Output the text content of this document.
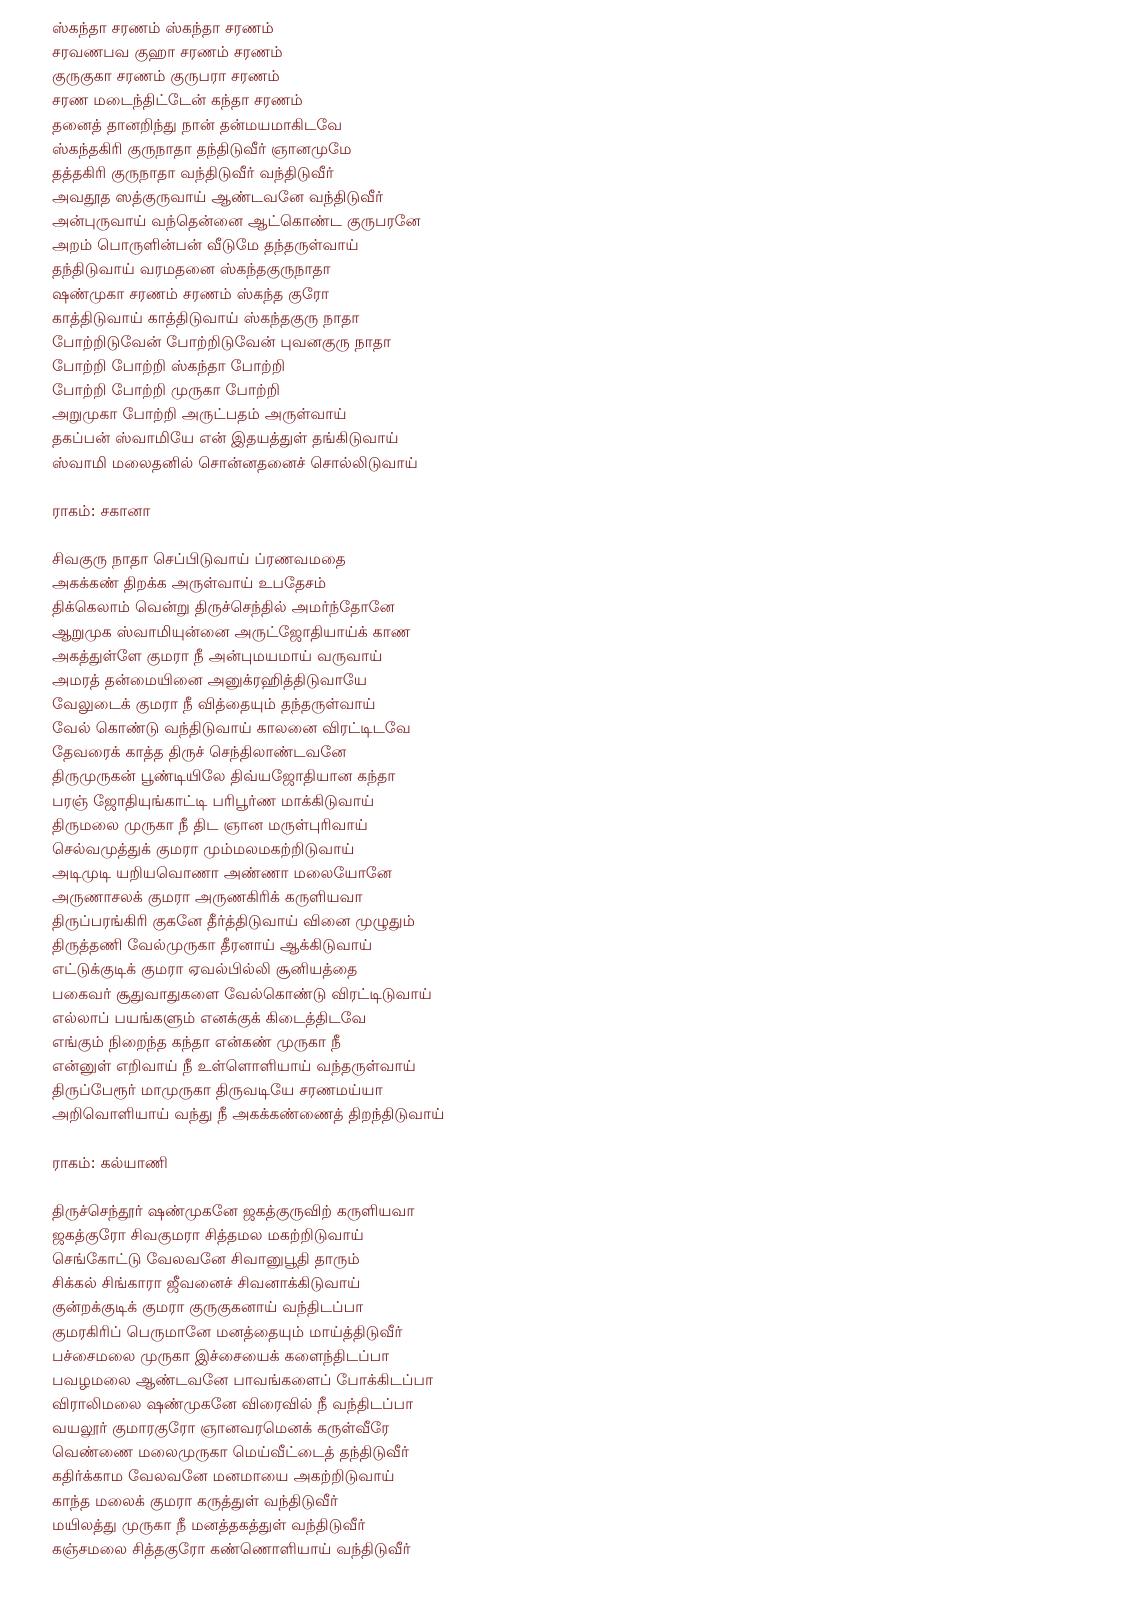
ஸ்கந்தா சரணம் ஸ்கந்தா சரணம்
சரவணபவ குஹா சரணம் சரணம்
குருகுகா சரணம் குருபரா சரணம்
சரண மடைந்திட்டேன் கந்தா சரணம்
தனைத் தானறிந்து நான் தன்மயமாகிடவே
ஸ்கந்தகிரி குருநாதா தந்திடுவீர் ஞானமுமே
தத்தகிரி குருநாதா வந்திடுவீர் வந்திடுவீர்
அவதூத ஸத்குருவாய் ஆண்டவனே வந்திடுவீர்
அன்புருவாய் வந்தென்னை ஆட்கொண்ட குருபரனே
அறம் பொருளின்பன் வீடுமே தந்தருள்வாய்
தந்திடுவாய் வரமதனை ஸ்கந்தகுருநாதா
ஷண்முகா சரணம் சரணம் ஸ்கந்த குரோ
காத்திடுவாய் காத்திடுவாய் ஸ்கந்தகுரு நாதா
போற்றிடுவேன் போற்றிடுவேன் புவனகுரு நாதா
போற்றி போற்றி ஸ்கந்தா போற்றி
போற்றி போற்றி முருகா போற்றி
அறுமுகா போற்றி அருட்பதம் அருள்வாய்
தகப்பன் ஸ்வாமியே என் இதயத்துள் தங்கிடுவாய்
ஸ்வாமி மலைதனில் சொன்னதனைச் சொல்லிடுவாய்
ராகம்: சகானா
சிவகுரு நாதா செப்பிடுவாய் ப்ரணவமதை
அகக்கண் திறக்க அருள்வாய் உபதேசம்
திக்கெலாம் வென்று திருச்செந்தில் அமர்ந்தோனே
ஆறுமுக ஸ்வாமியுன்னை அருட்ஜோதியாய்க் காண
அகத்துள்ளே குமரா நீ அன்புமயமாய் வருவாய்
அமரத் தன்மையினை அனுக்ரஹித்திடுவாயே
வேலுடைக் குமரா நீ வித்தையும் தந்தருள்வாய்
வேல் கொண்டு வந்திடுவாய் காலனை விரட்டிடவே
தேவரைக் காத்த திருச் செந்திலாண்டவனே
திருமுருகன் பூண்டியிலே திவ்யஜோதியான கந்தா
பரஞ் ஜோதியுங்காட்டி பரிபூர்ண மாக்கிடுவாய்
திருமலை முருகா நீ திட ஞான மருள்புரிவாய்
செல்வமுத்துக் குமரா மும்மலமகற்றிடுவாய்
அடிமுடி யறியவொணா அண்ணா மலையோனே
அருணாசலக் குமரா அருணகிரிக் கருளியவா
திருப்பரங்கிரி குகனே தீர்த்திடுவாய் வினை முழுதும்
திருத்தணி வேல்முருகா தீரனாய் ஆக்கிடுவாய்
எட்டுக்குடிக் குமரா ஏவல்பில்லி சூனியத்தை
பகைவர் சூதுவாதுகளை வேல்கொண்டு விரட்டிடுவாய்
எல்லாப் பயங்களும் எனக்குக் கிடைத்திடவே
எங்கும் நிறைந்த கந்தா என்கண் முருகா நீ
என்னுள் எறிவாய் நீ உள்ளொளியாய் வந்தருள்வாய்
திருப்பேரூர் மாமுருகா திருவடியே சரணமய்யா
அறிவொளியாய் வந்து நீ அகக்கண்ணைத் திறந்திடுவாய்
ராகம்: கல்யாணி
திருச்செந்தூர் ஷண்முகனே ஜகத்குருவிற் கருளியவா
ஜகத்குரோ சிவகுமரா சித்தமல மகற்றிடுவாய்
செங்கோட்டு வேலவனே சிவானுபூதி தாரும்
சிக்கல் சிங்காரா ஜீவனைச் சிவனாக்கிடுவாய்
குன்றக்குடிக் குமரா குருகுகனாய் வந்திடப்பா
குமரகிரிப் பெருமானே மனத்தையும் மாய்த்திடுவீர்
பச்சைமலை முருகா இச்சையைக் களைந்திடப்பா
பவழமலை ஆண்டவனே பாவங்களைப் போக்கிடப்பா
விராலிமலை ஷண்முகனே விரைவில் நீ வந்திடப்பா
வயலூர் குமாரகுரோ ஞானவரமெனக் கருள்வீரே
வெண்ணை மலைமுருகா மெய்வீட்டைத் தந்திடுவீர்
கதிர்க்காம வேலவனே மனமாயை அகற்றிடுவாய்
காந்த மலைக் குமரா கருத்துள் வந்திடுவீர்
மயிலத்து முருகா நீ மனத்தகத்துள் வந்திடுவீர்
கஞ்சமலை சித்தகுரோ கண்ணொளியாய் வந்திடுவீர்
